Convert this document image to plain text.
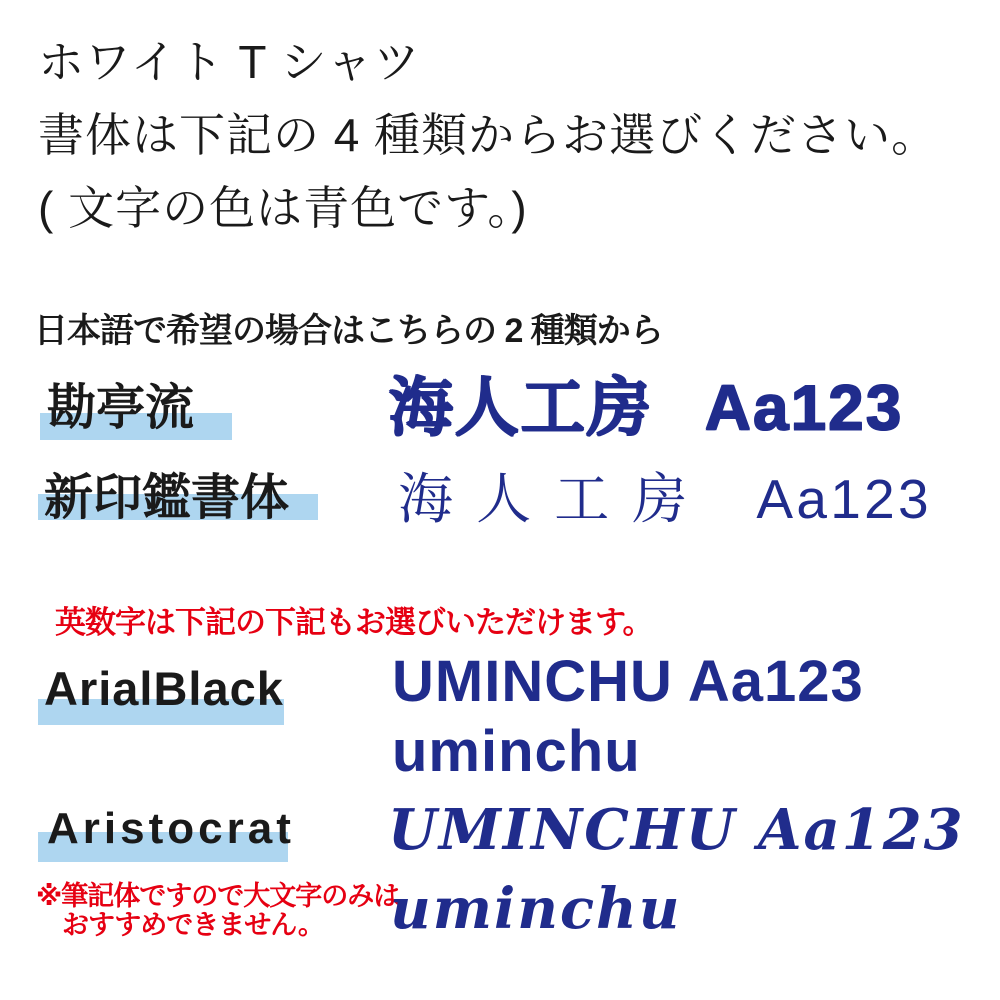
ホワイト T シャツ
書体は下記の 4 種類からお選びください。
( 文字の色は青色です。)
日本語で希望の場合はこちらの 2 種類から
勘亭流	海人工房 Aa123
新印鑑書体 海人工房 Aa123
英数字は下記の下記もお選びいただけます。
ArialBlack UMINCHU Aa123
uminchu
Aristocrat
※筆記体ですので大文字のみは
おすすめできません。
UMINCHU Aa123
uminchu
